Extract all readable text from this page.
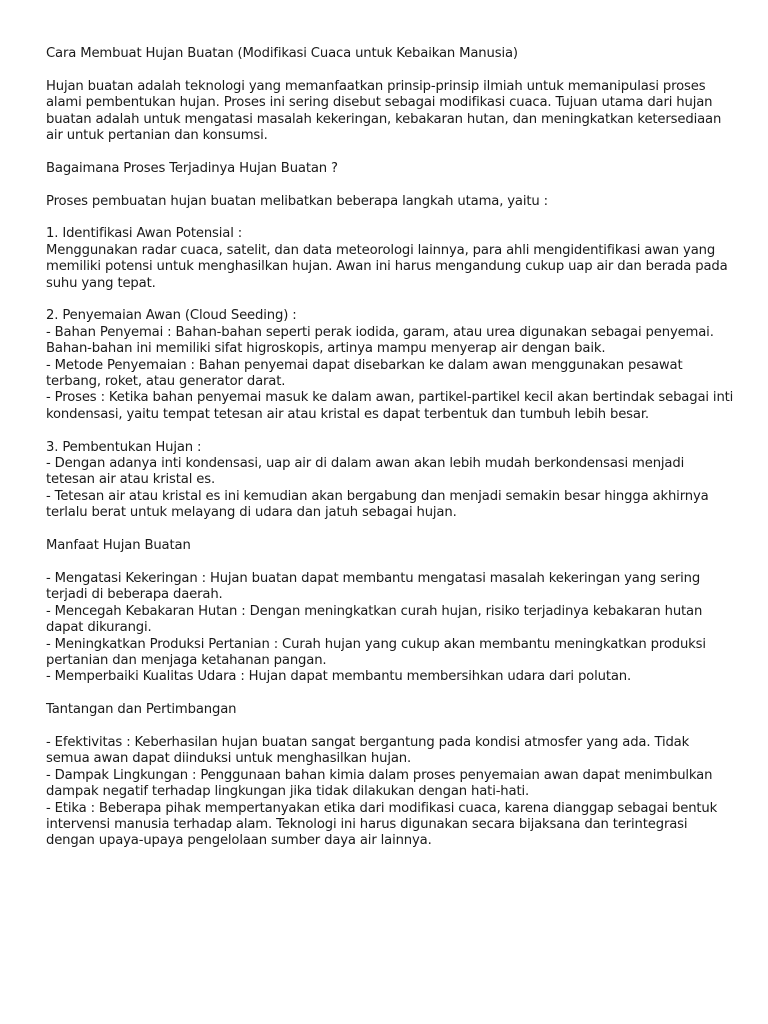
Cara Membuat Hujan Buatan (Modifikasi Cuaca untuk Kebaikan Manusia)

Hujan buatan adalah teknologi yang memanfaatkan prinsip-prinsip ilmiah untuk memanipulasi proses alami pembentukan hujan. Proses ini sering disebut sebagai modifikasi cuaca. Tujuan utama dari hujan buatan adalah untuk mengatasi masalah kekeringan, kebakaran hutan, dan meningkatkan ketersediaan air untuk pertanian dan konsumsi.

Bagaimana Proses Terjadinya Hujan Buatan ?

Proses pembuatan hujan buatan melibatkan beberapa langkah utama, yaitu :

1. Identifikasi Awan Potensial :
Menggunakan radar cuaca, satelit, dan data meteorologi lainnya, para ahli mengidentifikasi awan yang memiliki potensi untuk menghasilkan hujan. Awan ini harus mengandung cukup uap air dan berada pada suhu yang tepat.
2. Penyemaian Awan (Cloud Seeding) :
- Bahan Penyemai : Bahan-bahan seperti perak iodida, garam, atau urea digunakan sebagai penyemai. Bahan-bahan ini memiliki sifat higroskopis, artinya mampu menyerap air dengan baik.
- Metode Penyemaian : Bahan penyemai dapat disebarkan ke dalam awan menggunakan pesawat terbang, roket, atau generator darat.
- Proses : Ketika bahan penyemai masuk ke dalam awan, partikel-partikel kecil akan bertindak sebagai inti kondensasi, yaitu tempat tetesan air atau kristal es dapat terbentuk dan tumbuh lebih besar.
3. Pembentukan Hujan :
- Dengan adanya inti kondensasi, uap air di dalam awan akan lebih mudah berkondensasi menjadi tetesan air atau kristal es.
- Tetesan air atau kristal es ini kemudian akan bergabung dan menjadi semakin besar hingga akhirnya terlalu berat untuk melayang di udara dan jatuh sebagai hujan.

Manfaat Hujan Buatan

- Mengatasi Kekeringan : Hujan buatan dapat membantu mengatasi masalah kekeringan yang sering terjadi di beberapa daerah.
- Mencegah Kebakaran Hutan : Dengan meningkatkan curah hujan, risiko terjadinya kebakaran hutan dapat dikurangi.
- Meningkatkan Produksi Pertanian : Curah hujan yang cukup akan membantu meningkatkan produksi pertanian dan menjaga ketahanan pangan.
- Memperbaiki Kualitas Udara : Hujan dapat membantu membersihkan udara dari polutan.

Tantangan dan Pertimbangan

- Efektivitas : Keberhasilan hujan buatan sangat bergantung pada kondisi atmosfer yang ada. Tidak semua awan dapat diinduksi untuk menghasilkan hujan.
- Dampak Lingkungan : Penggunaan bahan kimia dalam proses penyemaian awan dapat menimbulkan dampak negatif terhadap lingkungan jika tidak dilakukan dengan hati-hati.
- Etika : Beberapa pihak mempertanyakan etika dari modifikasi cuaca, karena dianggap sebagai bentuk intervensi manusia terhadap alam. Teknologi ini harus digunakan secara bijaksana dan terintegrasi dengan upaya-upaya pengelolaan sumber daya air lainnya.
